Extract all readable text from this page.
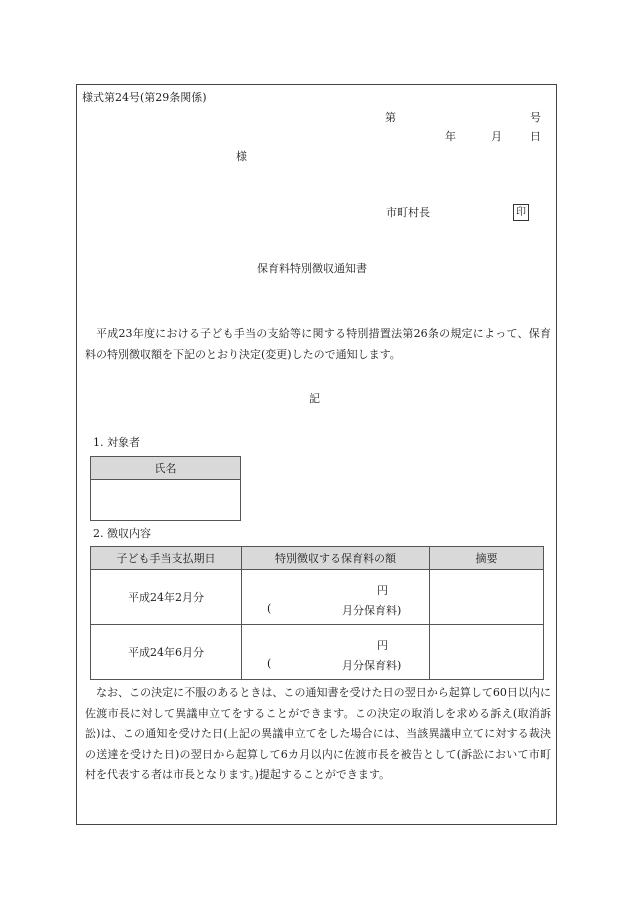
様式第24号(第29条関係)
第	号
年	月	日
様
市町村長	印
保育料特別徴収通知書
平成23年度における子ども手当の支給等に関する特別措置法第26条の規定によって、保育料の特別徴収額を下記のとおり決定(変更)したので通知します。
記
1. 対象者
氏名

2. 徴収内容
子ども手当支払期日	特別徴収する保育料の額	摘要
平成24年2月分	円
( 月分保育料)	

平成24年6月分	円
( 月分保育料)	

なお、この決定に不服のあるときは、この通知書を受けた日の翌日から起算して60日以内に佐渡市長に対して異議申立てをすることができます。この決定の取消しを求める訴え(取消訴訟)は、この通知を受けた日(上記の異議申立てをした場合には、当該異議申立てに対する裁決の送達を受けた日)の翌日から起算して6カ月以内に佐渡市長を被告として(訴訟において市町村を代表する者は市長となります。)提起することができます。
